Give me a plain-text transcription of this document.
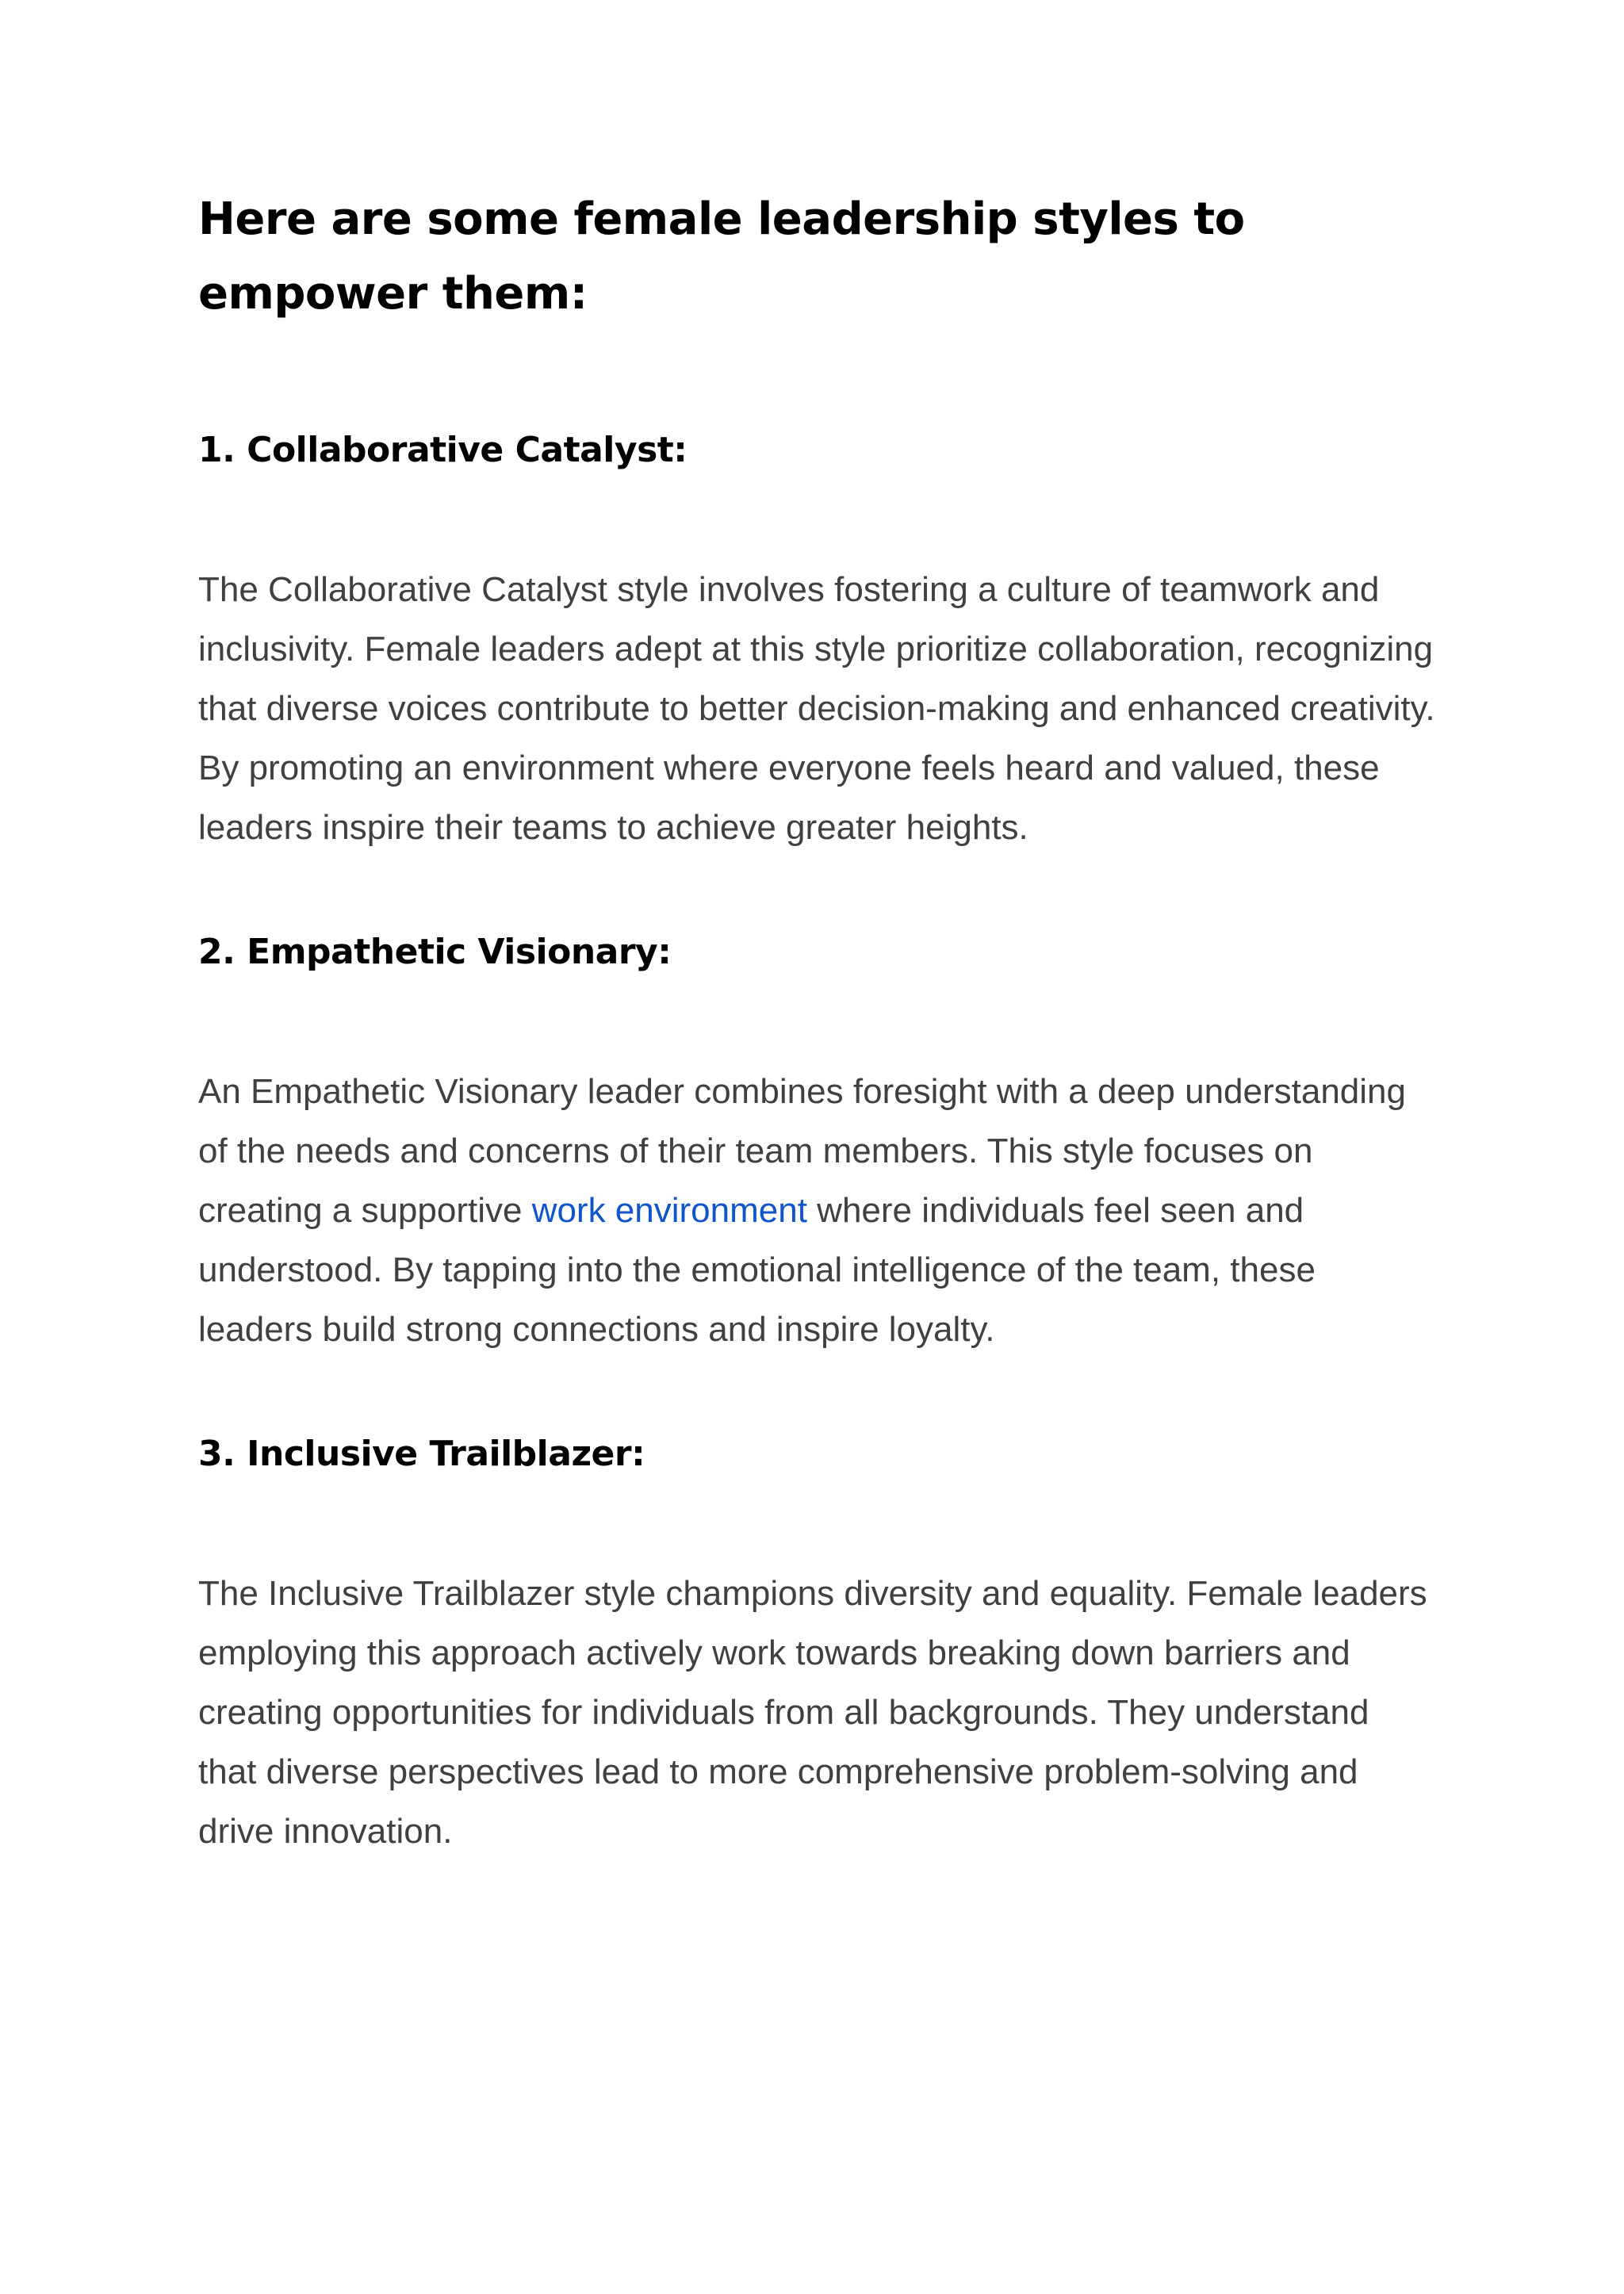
Here are some female leadership styles to empower them:
1. Collaborative Catalyst:

The Collaborative Catalyst style involves fostering a culture of teamwork and inclusivity. Female leaders adept at this style prioritize collaboration, recognizing that diverse voices contribute to better decision-making and enhanced creativity. By promoting an environment where everyone feels heard and valued, these leaders inspire their teams to achieve greater heights.

2. Empathetic Visionary:

An Empathetic Visionary leader combines foresight with a deep understanding of the needs and concerns of their team members. This style focuses on creating a supportive work environment where individuals feel seen and understood. By tapping into the emotional intelligence of the team, these leaders build strong connections and inspire loyalty.

3. Inclusive Trailblazer:

The Inclusive Trailblazer style champions diversity and equality. Female leaders employing this approach actively work towards breaking down barriers and creating opportunities for individuals from all backgrounds. They understand that diverse perspectives lead to more comprehensive problem-solving and drive innovation.
